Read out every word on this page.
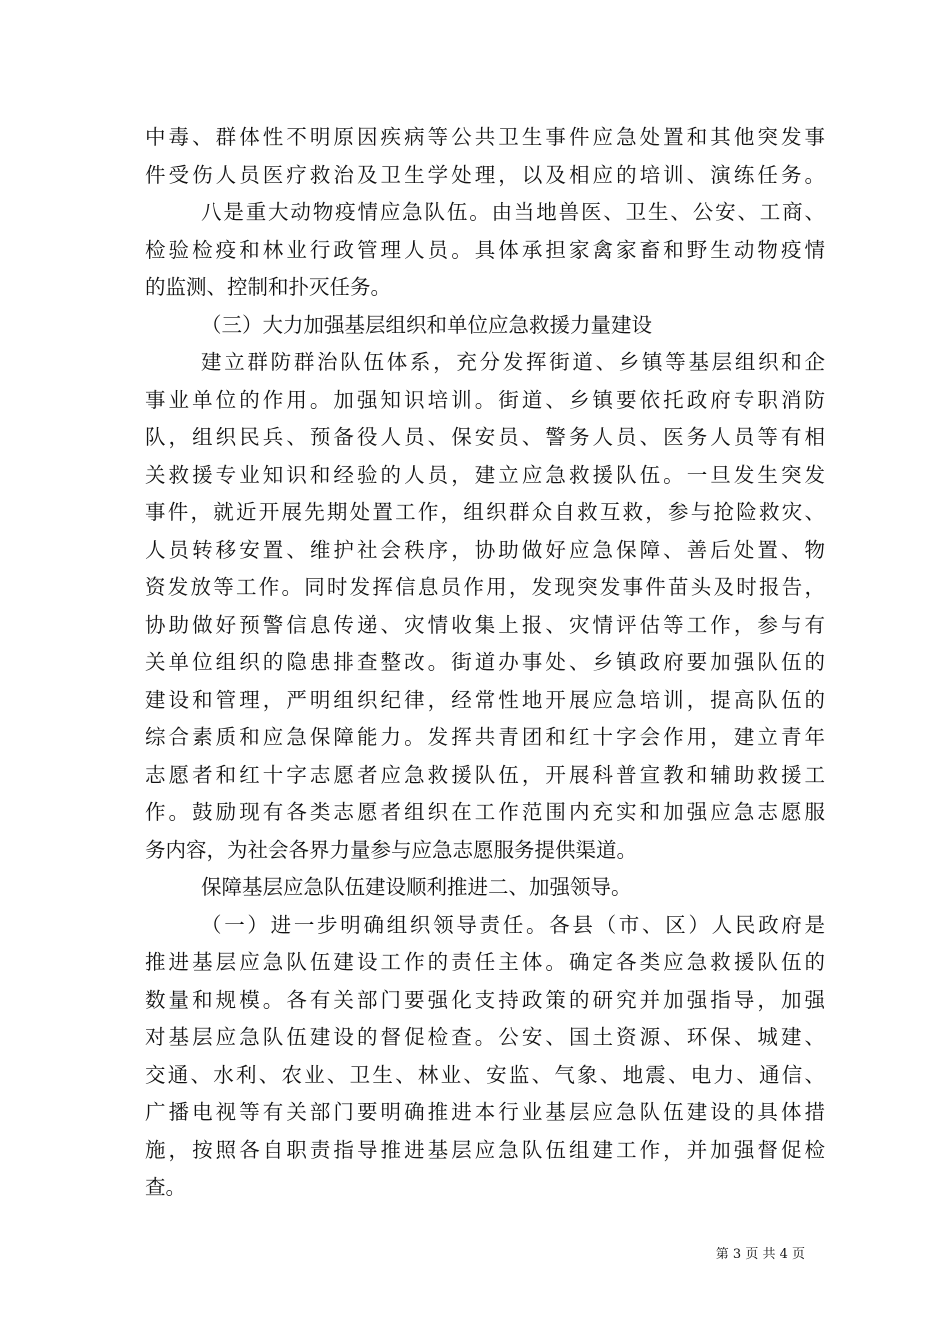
中毒、群体性不明原因疾病等公共卫生事件应急处置和其他突发事
件受伤人员医疗救治及卫生学处理，以及相应的培训、演练任务。
八是重大动物疫情应急队伍。由当地兽医、卫生、公安、工商、
检验检疫和林业行政管理人员。具体承担家禽家畜和野生动物疫情
的监测、控制和扑灭任务。
（三）大力加强基层组织和单位应急救援力量建设
建立群防群治队伍体系，充分发挥街道、乡镇等基层组织和企
事业单位的作用。加强知识培训。街道、乡镇要依托政府专职消防
队，组织民兵、预备役人员、保安员、警务人员、医务人员等有相
关救援专业知识和经验的人员，建立应急救援队伍。一旦发生突发
事件，就近开展先期处置工作，组织群众自救互救，参与抢险救灾、
人员转移安置、维护社会秩序，协助做好应急保障、善后处置、物
资发放等工作。同时发挥信息员作用，发现突发事件苗头及时报告，
协助做好预警信息传递、灾情收集上报、灾情评估等工作，参与有
关单位组织的隐患排查整改。街道办事处、乡镇政府要加强队伍的
建设和管理，严明组织纪律，经常性地开展应急培训，提高队伍的
综合素质和应急保障能力。发挥共青团和红十字会作用，建立青年
志愿者和红十字志愿者应急救援队伍，开展科普宣教和辅助救援工
作。鼓励现有各类志愿者组织在工作范围内充实和加强应急志愿服
务内容，为社会各界力量参与应急志愿服务提供渠道。
保障基层应急队伍建设顺利推进二、加强领导。
（一）进一步明确组织领导责任。各县（市、区）人民政府是
推进基层应急队伍建设工作的责任主体。确定各类应急救援队伍的
数量和规模。各有关部门要强化支持政策的研究并加强指导，加强
对基层应急队伍建设的督促检查。公安、国土资源、环保、城建、
交通、水利、农业、卫生、林业、安监、气象、地震、电力、通信、
广播电视等有关部门要明确推进本行业基层应急队伍建设的具体措
施，按照各自职责指导推进基层应急队伍组建工作，并加强督促检
查。
第 3 页 共 4 页
